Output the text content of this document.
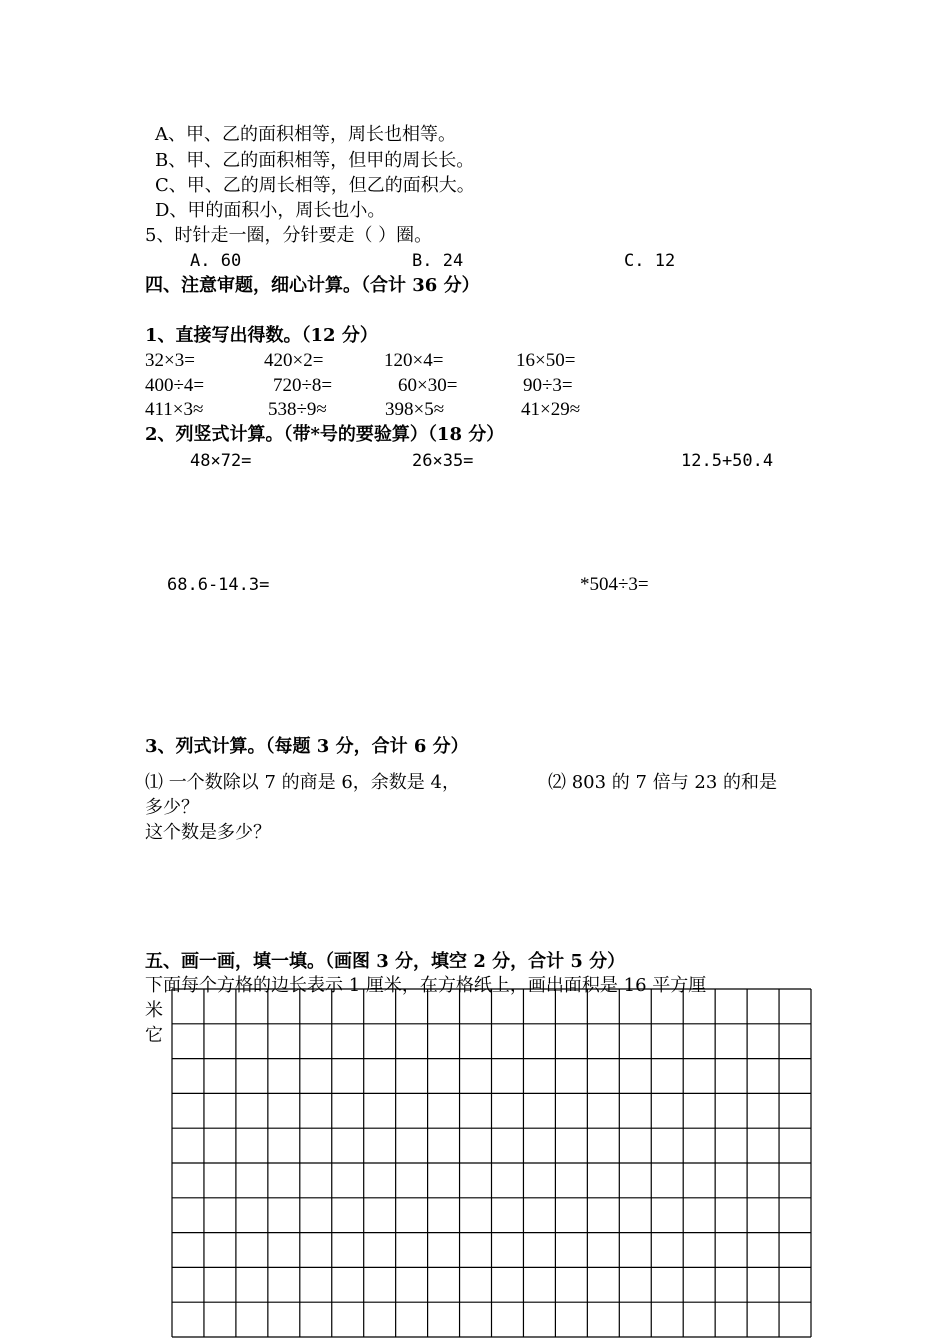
A、甲、乙的面积相等，周长也相等。
B、甲、乙的面积相等，但甲的周长长。
C、甲、乙的周长相等，但乙的面积大。
D、甲的面积小，周长也小。
5、时针走一圈，分针要走（ ）圈。
A. 60	B. 24	C. 12
四、注意审题，细心计算。（合计 36 分）
1、直接写出得数。（12 分）
32×3=	420×2=	120×4=	16×50=
400÷4=	720÷8=	60×30=	90÷3=
411×3≈	538÷9≈	398×5≈	41×29≈
2、列竖式计算。（带*号的要验算）（18 分）
48×72=	26×35=	12.5+50.4
68.6-14.3=	*504÷3=
3、列式计算。（每题 3 分，合计 6 分）
⑴ 一个数除以 7 的商是 6，余数是 4，	⑵ 803 的 7 倍与 23 的和是
多少？
这个数是多少？
五、画一画，填一填。（画图 3 分，填空 2 分，合计 5 分）
下面每个方格的边长表示 1 厘米，在方格纸上，画出面积是 16 平方厘
米
它
